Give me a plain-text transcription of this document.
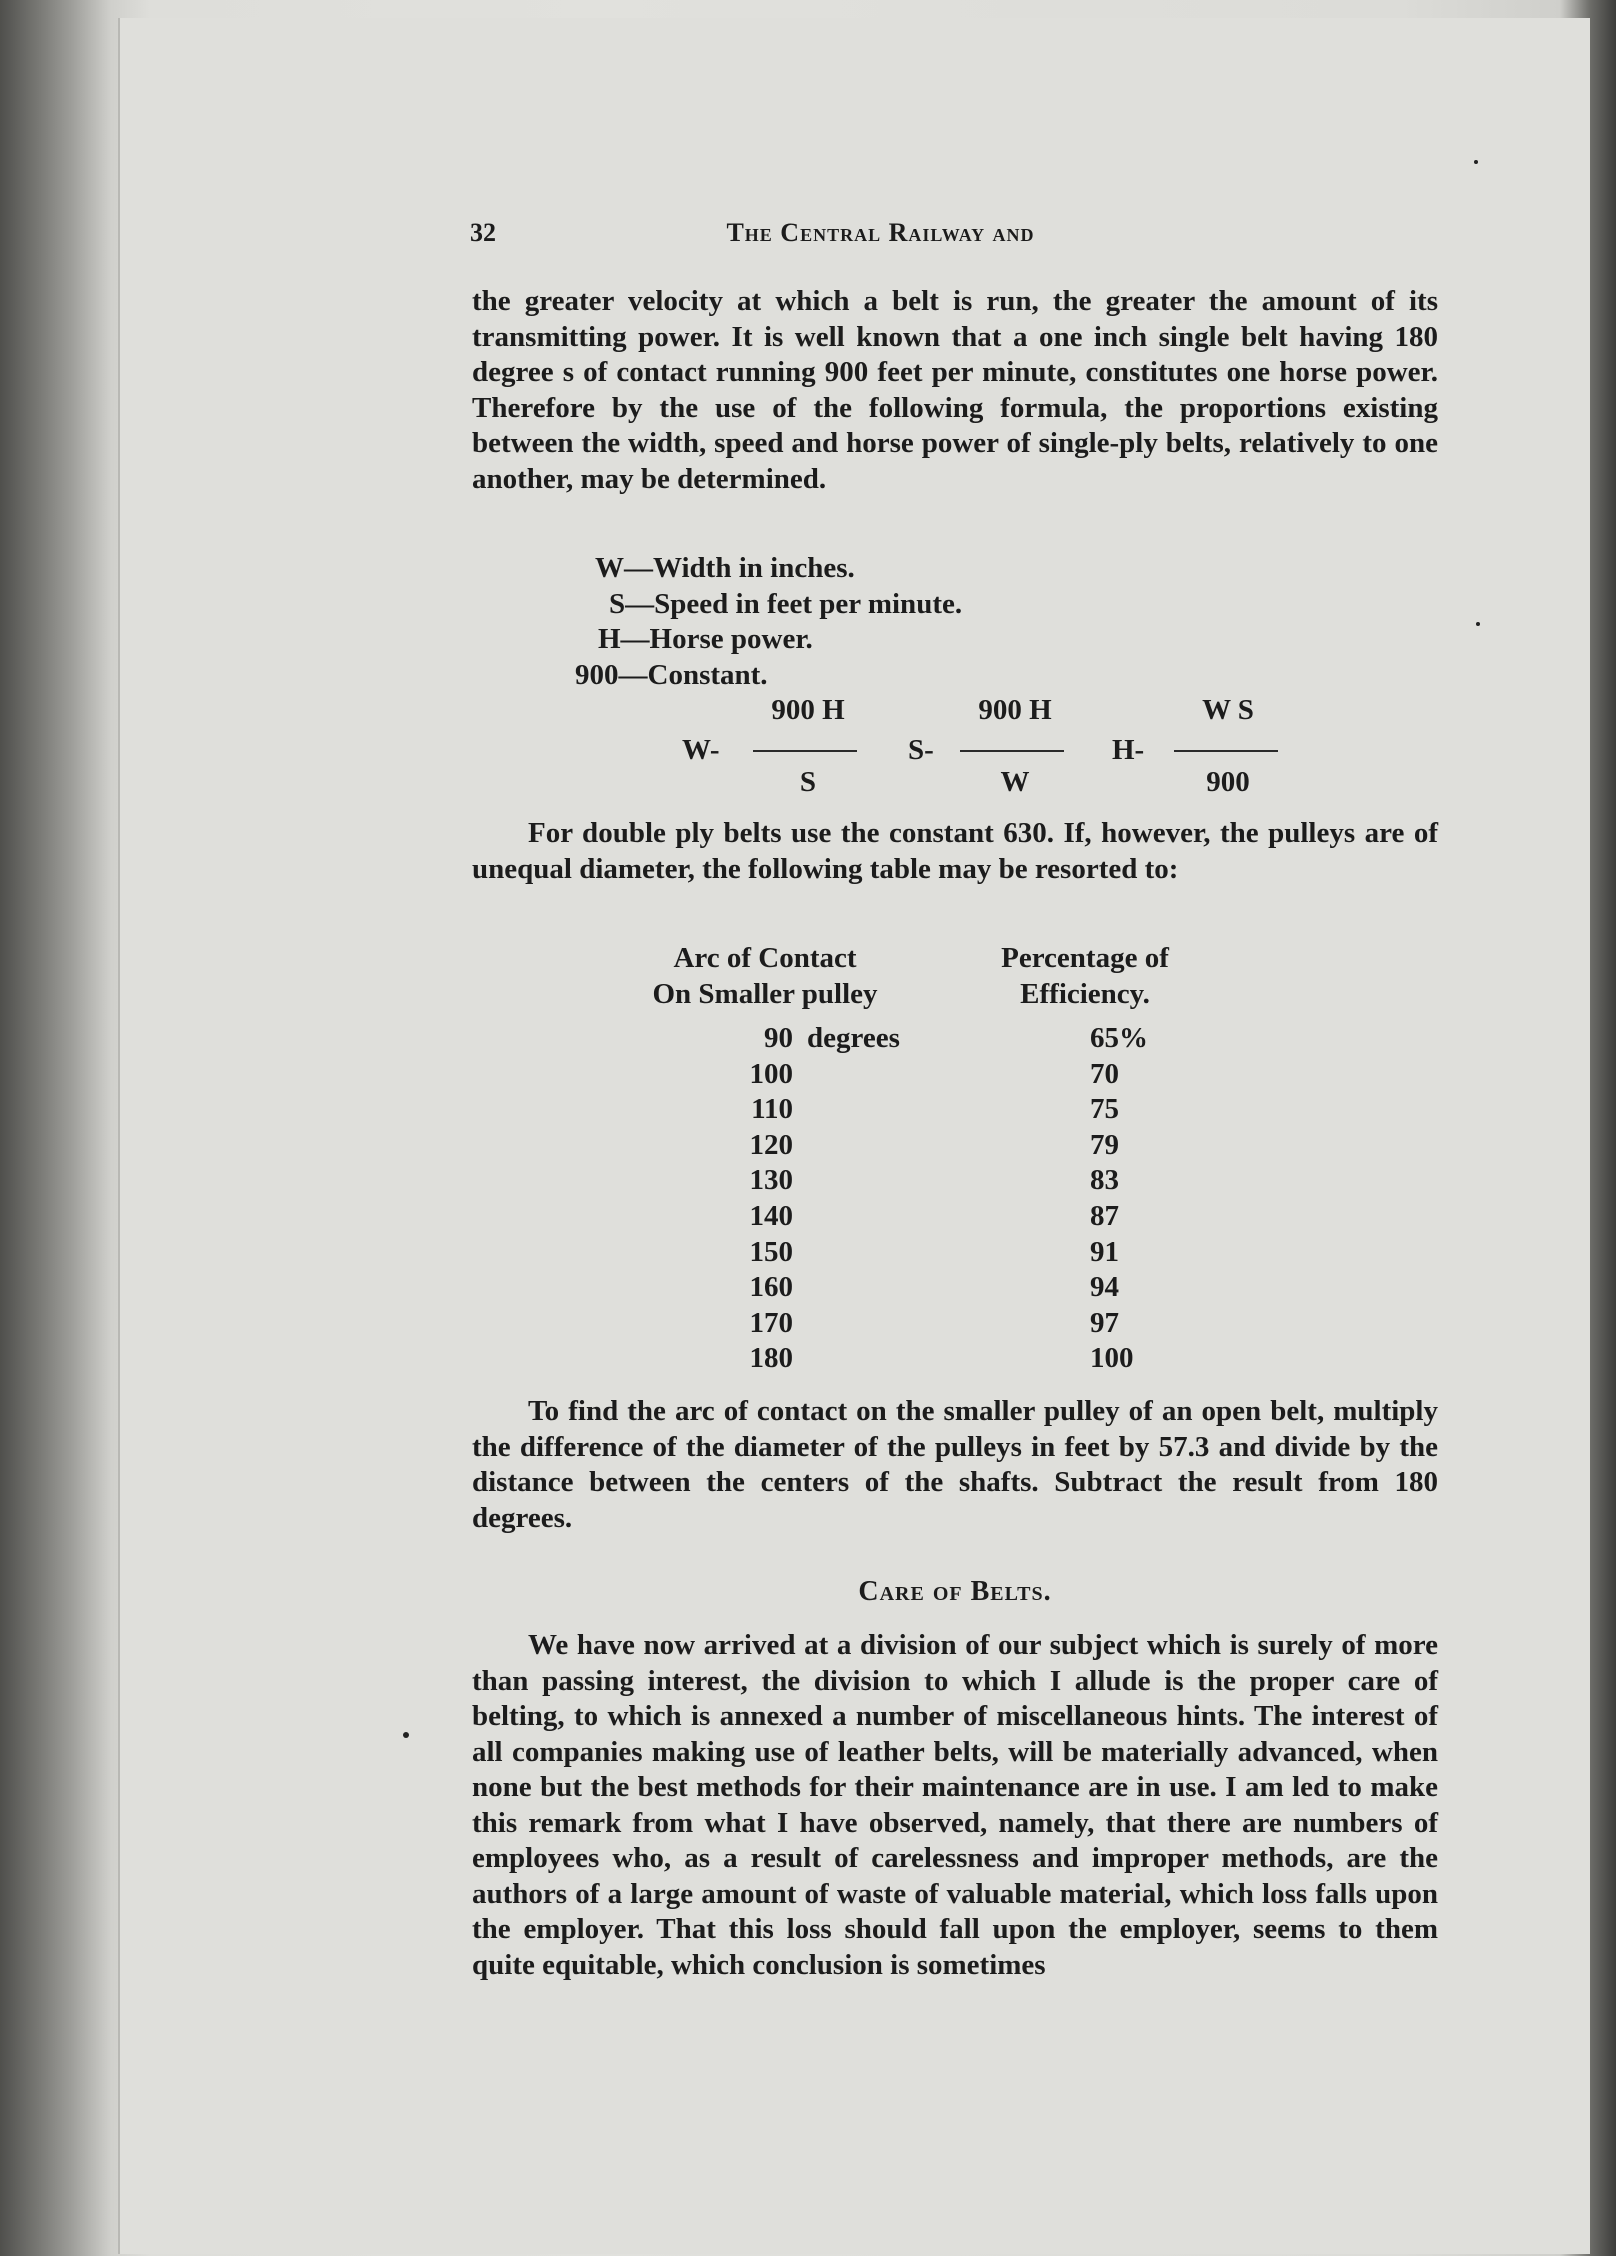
32	The Central Railway and
the greater velocity at which a belt is run, the greater the amount of its transmitting power. It is well known that a one inch single belt having 180 degree s of contact running 900 feet per minute, constitutes one horse power. Therefore by the use of the following formula, the proportions existing between the width, speed and horse power of single-ply belts, relatively to one another, may be determined.
W—Width in inches.
S—Speed in feet per minute.
H—Horse power.
900—Constant.
900 H
W-
S
900 H
S-
W
W S
H-
900
For double ply belts use the constant 630. If, however, the pulleys are of unequal diameter, the following table may be resorted to:
Arc of Contact
On Smaller pulley
Percentage of
Efficiency.
90 degrees	65%
100	70
110	75
120	79
130	83
140	87
150	91
160	94
170	97
180	100
To find the arc of contact on the smaller pulley of an open belt, multiply the difference of the diameter of the pulleys in feet by 57.3 and divide by the distance between the centers of the shafts. Subtract the result from 180 degrees.
Care of Belts.
We have now arrived at a division of our subject which is surely of more than passing interest, the division to which I allude is the proper care of belting, to which is annexed a number of miscellaneous hints. The interest of all companies making use of leather belts, will be materially advanced, when none but the best methods for their maintenance are in use. I am led to make this remark from what I have observed, namely, that there are numbers of employees who, as a result of carelessness and improper methods, are the authors of a large amount of waste of valuable material, which loss falls upon the employer. That this loss should fall upon the employer, seems to them quite equitable, which conclusion is sometimes
